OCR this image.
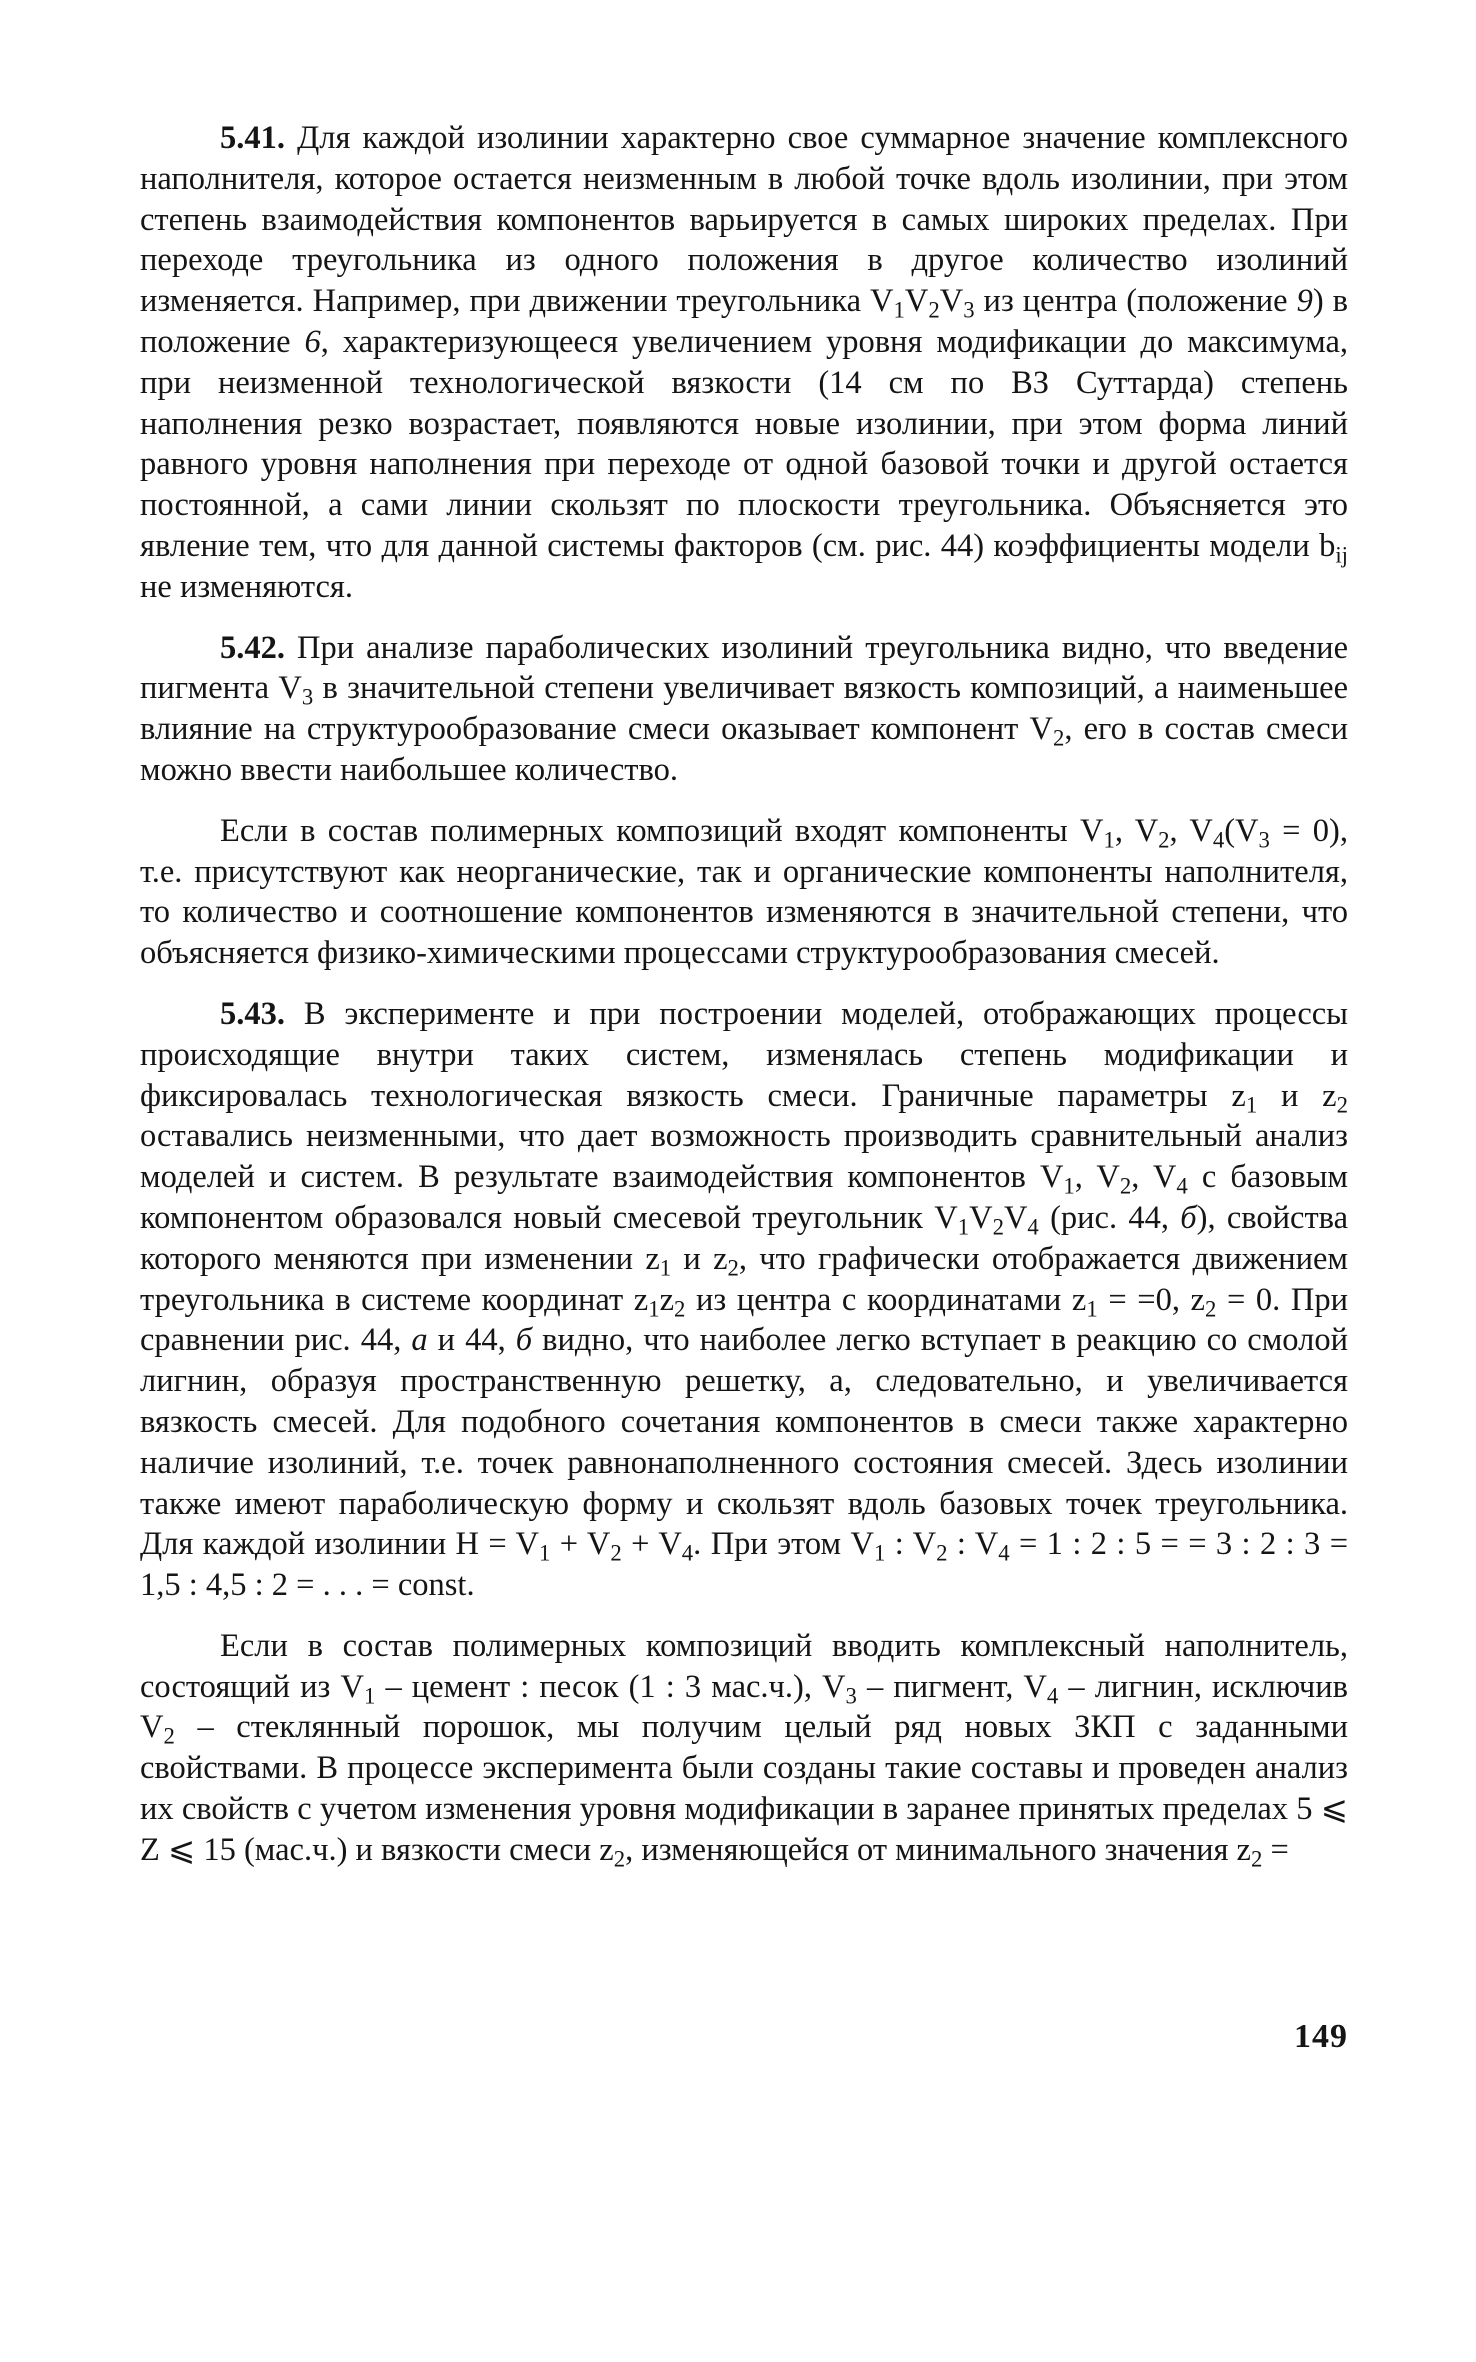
5.41. Для каждой изолинии характерно свое суммарное значение комплексного наполнителя, которое остается неизменным в любой точке вдоль изолинии, при этом степень взаимодействия компонентов варьируется в самых широких пределах. При переходе треугольника из одного положения в другое количество изолиний изменяется. Например, при движении треугольника $V_1V_2V_3$ из центра (положение 9) в положение 6, характеризующееся увеличением уровня модификации до максимума, при неизменной технологической вязкости (14 см по ВЗ Суттарда) степень наполнения резко возрастает, появляются новые изолинии, при этом форма линий равного уровня наполнения при переходе от одной базовой точки и другой остается постоянной, а сами линии скользят по плоскости треугольника. Объясняется это явление тем, что для данной системы факторов (см. рис. 44) коэффициенты модели $b_{ij}$ не изменяются.

5.42. При анализе параболических изолиний треугольника видно, что введение пигмента $V_3$ в значительной степени увеличивает вязкость композиций, а наименьшее влияние на структурообразование смеси оказывает компонент $V_2$, его в состав смеси можно ввести наибольшее количество.

Если в состав полимерных композиций входят компоненты $V_1$, $V_2$, $V_4(V_3 = 0)$, т.е. присутствуют как неорганические, так и органические компоненты наполнителя, то количество и соотношение компонентов изменяются в значительной степени, что объясняется физико-химическими процессами структурообразования смесей.

5.43. В эксперименте и при построении моделей, отображающих процессы происходящие внутри таких систем, изменялась степень модификации и фиксировалась технологическая вязкость смеси. Граничные параметры $z_1$ и $z_2$ оставались неизменными, что дает возможность производить сравнительный анализ моделей и систем. В результате взаимодействия компонентов $V_1$, $V_2$, $V_4$ с базовым компонентом образовался новый смесевой треугольник $V_1V_2V_4$ (рис. 44, б), свойства которого меняются при изменении $z_1$ и $z_2$, что графически отображается движением треугольника в системе координат $z_1z_2$ из центра с координатами $z_1 = =0$, $z_2 = 0$. При сравнении рис. 44, а и 44, б видно, что наиболее легко вступает в реакцию со смолой лигнин, образуя пространственную решетку, а, следовательно, и увеличивается вязкость смесей. Для подобного сочетания компонентов в смеси также характерно наличие изолиний, т.е. точек равнонаполненного состояния смесей. Здесь изолинии также имеют параболическую форму и скользят вдоль базовых точек треугольника. Для каждой изолинии $H = V_1 + V_2 + V_4$. При этом $V_1$ : $V_2$ : $V_4 = 1$ : 2 : 5 = = 3 : 2 : 3 = 1,5 : 4,5 : 2 = . . . = const.

Если в состав полимерных композиций вводить комплексный наполнитель, состоящий из $V_1$ – цемент : песок (1 : 3 мас.ч.), $V_3$ – пигмент, $V_4$ – лигнин, исключив $V_2$ – стеклянный порошок, мы получим целый ряд новых ЗКП с заданными свойствами. В процессе эксперимента были созданы такие составы и проведен анализ их свойств с учетом изменения уровня модификации в заранее принятых пределах 5 ⩽ Z ⩽ 15 (мас.ч.) и вязкости смеси $z_2$, изменяющейся от минимального значения $z_2$ =

149
